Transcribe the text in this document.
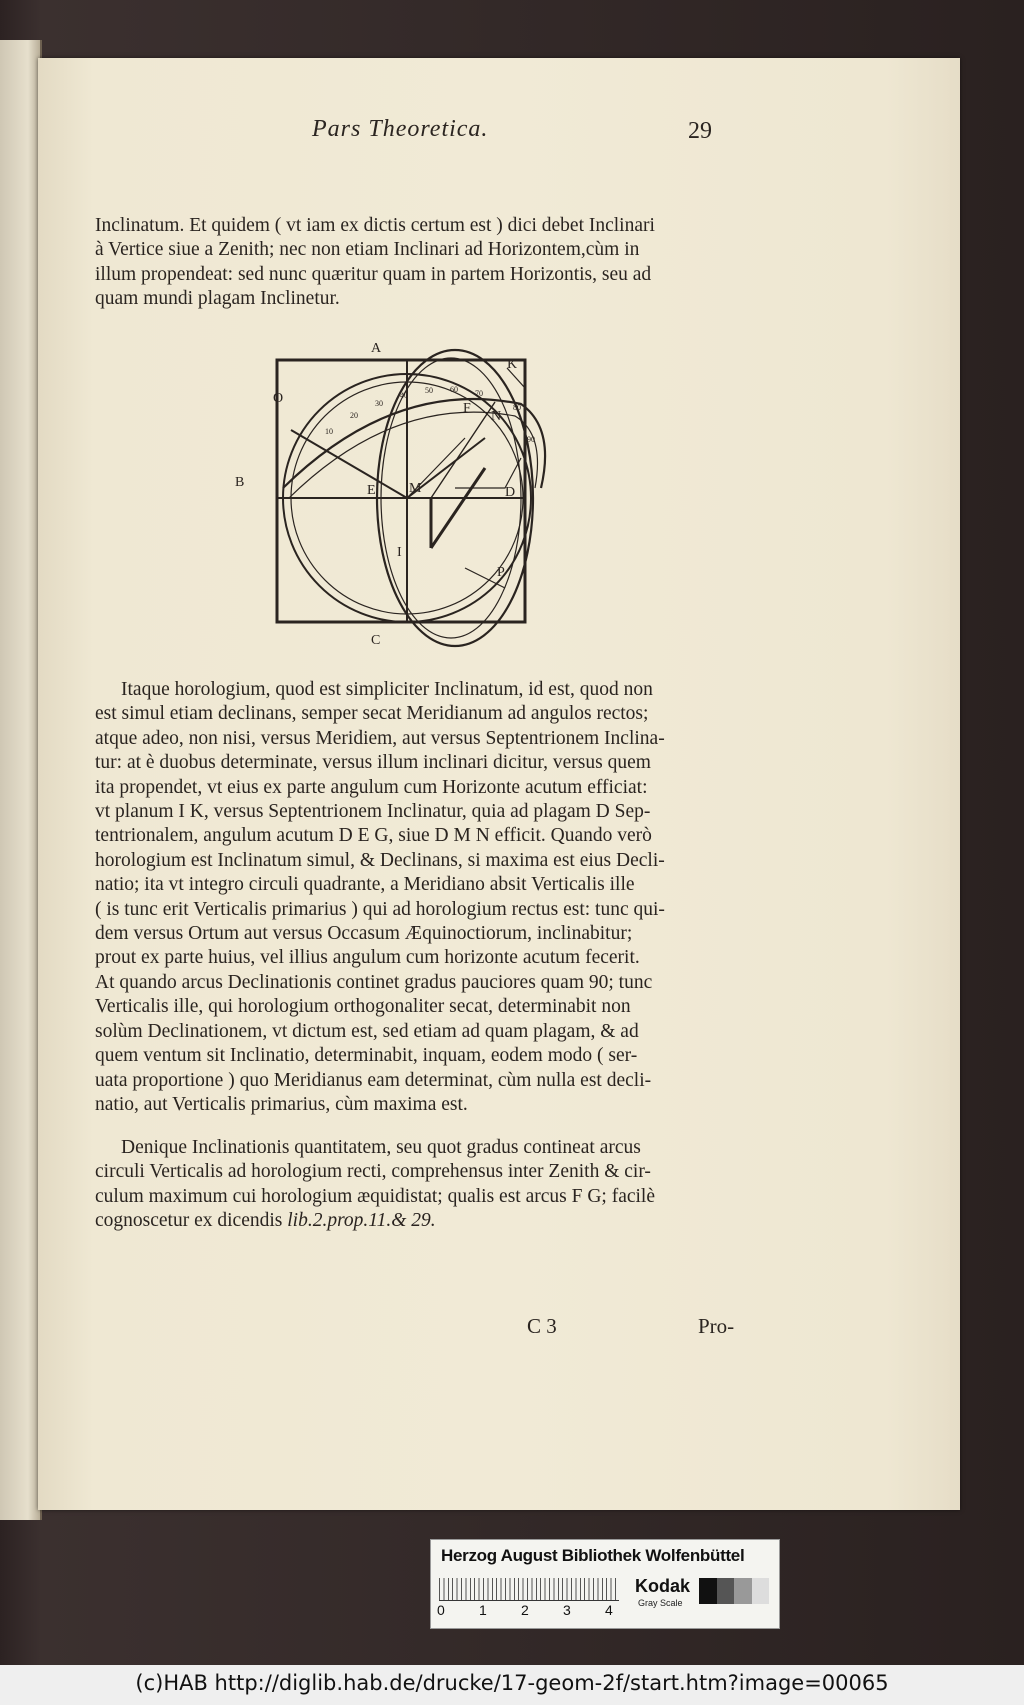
Pars Theoretica.	29
Inclinatum. Et quidem ( vt iam ex dictis certum est ) dici debet Inclinari
à Vertice siue a Zenith; nec non etiam Inclinari ad Horizontem,cùm in
illum propendeat: sed nunc quæritur quam in partem Horizontis, seu ad
quam mundi plagam Inclinetur.
A
K
O
F
N
B
E M	D
I
P
C
10
20
30
40
50 60 70
80
90
Itaque horologium, quod est simpliciter Inclinatum, id est, quod non
est simul etiam declinans, semper secat Meridianum ad angulos rectos;
atque adeo, non nisi, versus Meridiem, aut versus Septentrionem Inclina-
tur: at è duobus determinate, versus illum inclinari dicitur, versus quem
ita propendet, vt eius ex parte angulum cum Horizonte acutum efficiat:
vt planum I K, versus Septentrionem Inclinatur, quia ad plagam D Sep-
tentrionalem, angulum acutum D E G, siue D M N efficit. Quando verò
horologium est Inclinatum simul, & Declinans, si maxima est eius Decli-
natio; ita vt integro circuli quadrante, a Meridiano absit Verticalis ille
( is tunc erit Verticalis primarius ) qui ad horologium rectus est: tunc qui-
dem versus Ortum aut versus Occasum Æquinoctiorum, inclinabitur;
prout ex parte huius, vel illius angulum cum horizonte acutum fecerit.
At quando arcus Declinationis continet gradus pauciores quam 90; tunc
Verticalis ille, qui horologium orthogonaliter secat, determinabit non
solùm Declinationem, vt dictum est, sed etiam ad quam plagam, & ad
quem ventum sit Inclinatio, determinabit, inquam, eodem modo ( ser-
uata proportione ) quo Meridianus eam determinat, cùm nulla est decli-
natio, aut Verticalis primarius, cùm maxima est.
Denique Inclinationis quantitatem, seu quot gradus contineat arcus
circuli Verticalis ad horologium recti, comprehensus inter Zenith & cir-
culum maximum cui horologium æquidistat; qualis est arcus F G; facilè
cognoscetur ex dicendis lib.2.prop.11.& 29.
C 3	Pro-
Herzog August Bibliothek Wolfenbüttel
0 1 2 3 4
Kodak
Gray Scale
(c)HAB http://diglib.hab.de/drucke/17-geom-2f/start.htm?image=00065
